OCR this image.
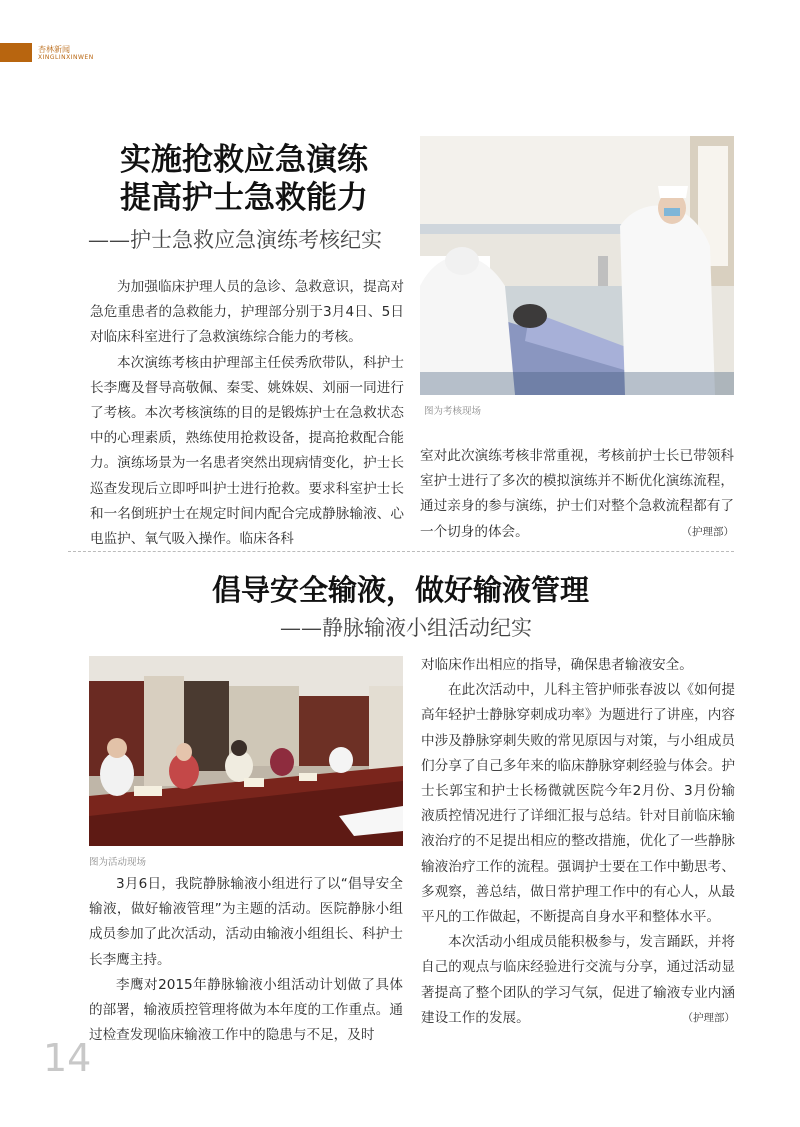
杏林新闻
XINGLINXINWEN
实施抢救应急演练
提高护士急救能力
——护士急救应急演练考核纪实

为加强临床护理人员的急诊、急救意识，提高对急危重患者的急救能力，护理部分别于3月4日、5日对临床科室进行了急救演练综合能力的考核。

本次演练考核由护理部主任侯秀欣带队，科护士长李鹰及督导高敬佩、秦雯、姚姝娱、刘丽一同进行了考核。本次考核演练的目的是锻炼护士在急救状态中的心理素质，熟练使用抢救设备，提高抢救配合能力。演练场景为一名患者突然出现病情变化，护士长巡查发现后立即呼叫护士进行抢救。要求科室护士长和一名倒班护士在规定时间内配合完成静脉输液、心电监护、氧气吸入操作。临床各科

图为考核现场

室对此次演练考核非常重视，考核前护士长已带领科室护士进行了多次的模拟演练并不断优化演练流程，通过亲身的参与演练，护士们对整个急救流程都有了一个切身的体会。	（护理部）
倡导安全输液，做好输液管理
——静脉输液小组活动纪实
图为活动现场

3月6日，我院静脉输液小组进行了以“倡导安全输液，做好输液管理”为主题的活动。医院静脉小组成员参加了此次活动，活动由输液小组组长、科护士长李鹰主持。

李鹰对2015年静脉输液小组活动计划做了具体的部署，输液质控管理将做为本年度的工作重点。通过检查发现临床输液工作中的隐患与不足，及时

对临床作出相应的指导，确保患者输液安全。

在此次活动中，儿科主管护师张春波以《如何提高年轻护士静脉穿刺成功率》为题进行了讲座，内容中涉及静脉穿刺失败的常见原因与对策，与小组成员们分享了自己多年来的临床静脉穿刺经验与体会。护士长郭宝和护士长杨微就医院今年2月份、3月份输液质控情况进行了详细汇报与总结。针对目前临床输液治疗的不足提出相应的整改措施，优化了一些静脉输液治疗工作的流程。强调护士要在工作中勤思考、多观察，善总结，做日常护理工作中的有心人，从最平凡的工作做起，不断提高自身水平和整体水平。

本次活动小组成员能积极参与，发言踊跃，并将自己的观点与临床经验进行交流与分享，通过活动显著提高了整个团队的学习气氛，促进了输液专业内涵建设工作的发展。	（护理部）
14
